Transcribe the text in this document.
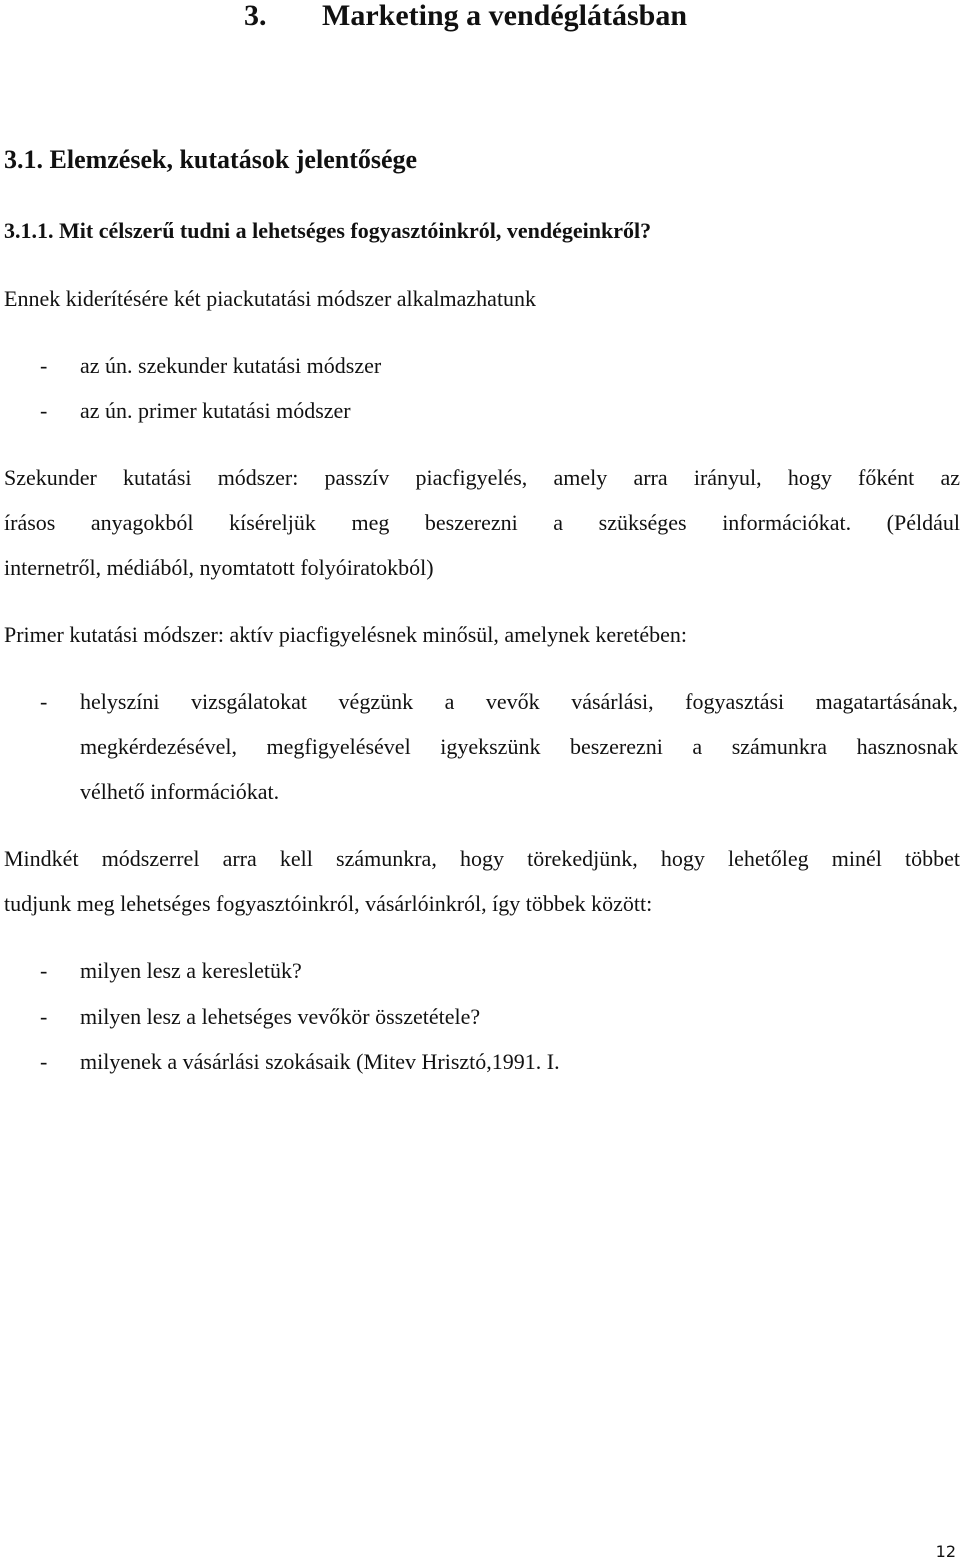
3. Marketing a vendéglátásban
3.1. Elemzések, kutatások jelentősége
3.1.1. Mit célszerű tudni a lehetséges fogyasztóinkról, vendégeinkről?
Ennek kiderítésére két piackutatási módszer alkalmazhatunk
- az ún. szekunder kutatási módszer
- az ún. primer kutatási módszer
Szekunder kutatási módszer: passzív piacfigyelés, amely arra irányul, hogy főként az
írásos anyagokból kíséreljük meg beszerezni a szükséges információkat. (Például
internetről, médiából, nyomtatott folyóiratokból)
Primer kutatási módszer: aktív piacfigyelésnek minősül, amelynek keretében:
- helyszíni vizsgálatokat végzünk a vevők vásárlási, fogyasztási magatartásának,
megkérdezésével, megfigyelésével igyekszünk beszerezni a számunkra hasznosnak
vélhető információkat.
Mindkét módszerrel arra kell számunkra, hogy törekedjünk, hogy lehetőleg minél többet
tudjunk meg lehetséges fogyasztóinkról, vásárlóinkról, így többek között:
- milyen lesz a keresletük?
- milyen lesz a lehetséges vevőkör összetétele?
- milyenek a vásárlási szokásaik (Mitev Hrisztó,1991. I.
12
